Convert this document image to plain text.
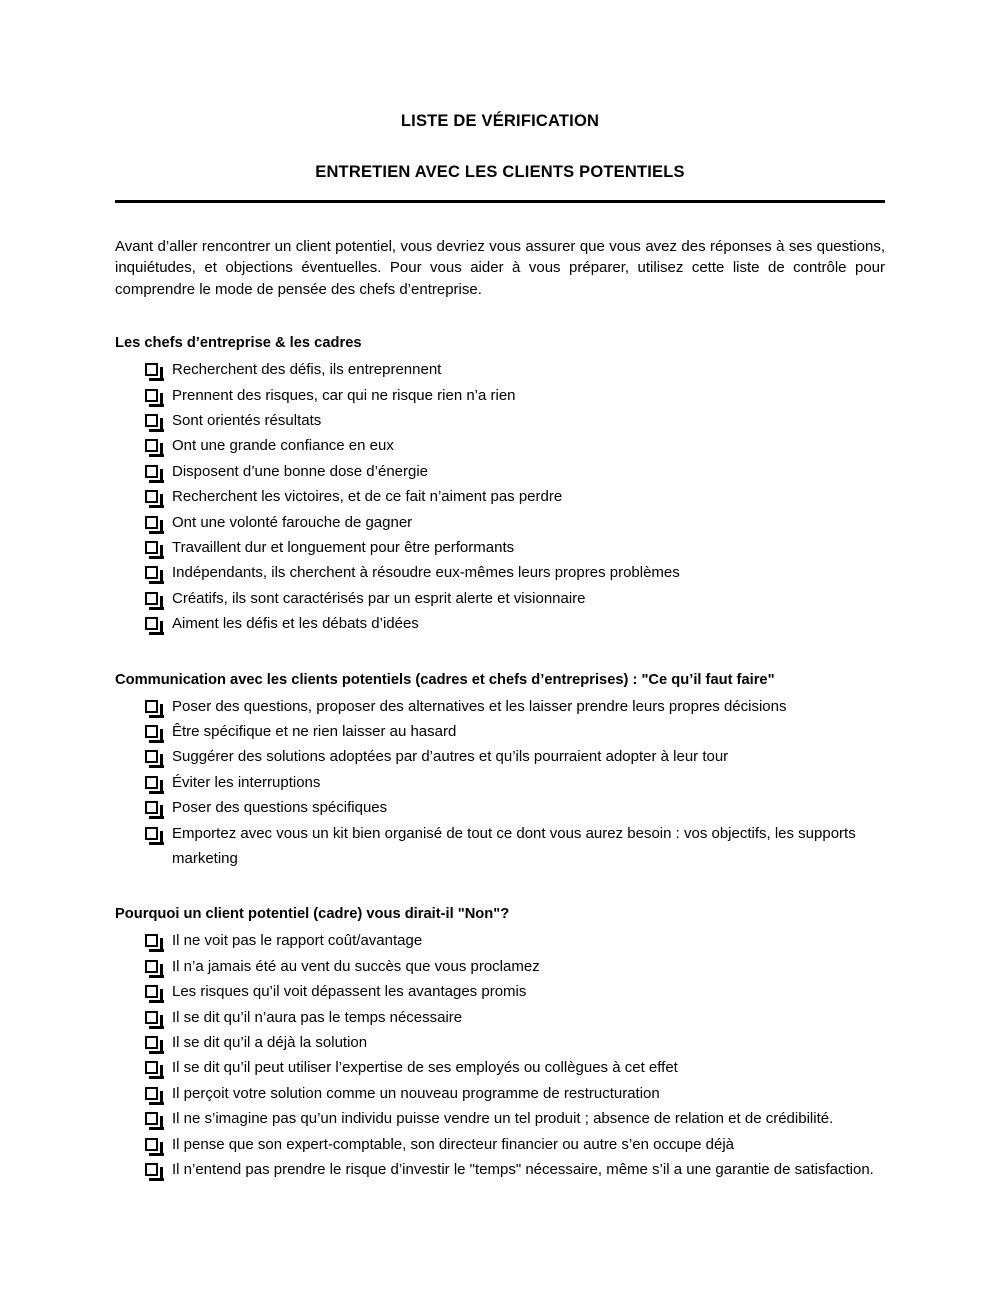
LISTE DE VÉRIFICATION
ENTRETIEN AVEC LES CLIENTS POTENTIELS

Avant d’aller rencontrer un client potentiel, vous devriez vous assurer que vous avez des réponses à ses questions, inquiétudes, et objections éventuelles. Pour vous aider à vous préparer, utilisez cette liste de contrôle pour comprendre le mode de pensée des chefs d’entreprise.

Les chefs d’entreprise & les cadres
Recherchent des défis, ils entreprennent
Prennent des risques, car qui ne risque rien n’a rien
Sont orientés résultats
Ont une grande confiance en eux
Disposent d’une bonne dose d’énergie
Recherchent les victoires, et de ce fait n’aiment pas perdre
Ont une volonté farouche de gagner
Travaillent dur et longuement pour être performants
Indépendants, ils cherchent à résoudre eux-mêmes leurs propres problèmes
Créatifs, ils sont caractérisés par un esprit alerte et visionnaire
Aiment les défis et les débats d’idées
Communication avec les clients potentiels (cadres et chefs d’entreprises) : "Ce qu’il faut faire"
Poser des questions, proposer des alternatives et les laisser prendre leurs propres décisions
Être spécifique et ne rien laisser au hasard
Suggérer des solutions adoptées par d’autres et qu’ils pourraient adopter à leur tour
Éviter les interruptions
Poser des questions spécifiques
Emportez avec vous un kit bien organisé de tout ce dont vous aurez besoin : vos objectifs, les supports marketing
Pourquoi un client potentiel (cadre) vous dirait-il "Non"?
Il ne voit pas le rapport coût/avantage
Il n’a jamais été au vent du succès que vous proclamez
Les risques qu’il voit dépassent les avantages promis
Il se dit qu’il n’aura pas le temps nécessaire
Il se dit qu’il a déjà la solution
Il se dit qu’il peut utiliser l’expertise de ses employés ou collègues à cet effet
Il perçoit votre solution comme un nouveau programme de restructuration
Il ne s’imagine pas qu’un individu puisse vendre un tel produit ; absence de relation et de crédibilité.
Il pense que son expert-comptable, son directeur financier ou autre s’en occupe déjà
Il n’entend pas prendre le risque d’investir le "temps" nécessaire, même s’il a une garantie de satisfaction.
